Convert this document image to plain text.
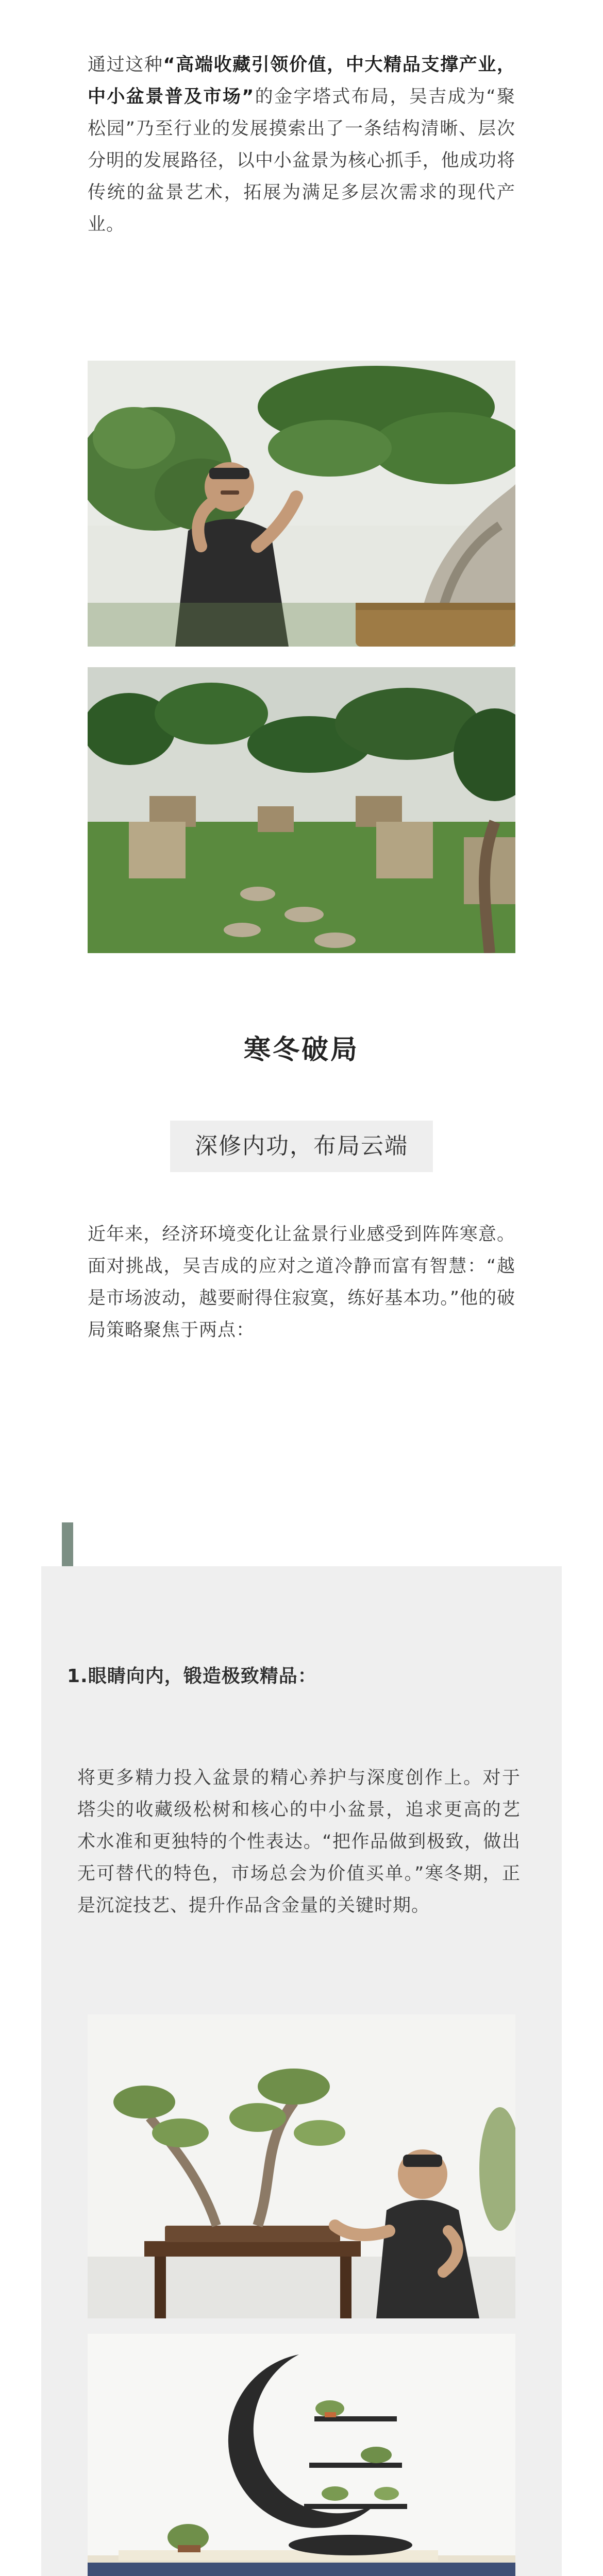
通过这种“高端收藏引领价值，中大精品支撑产业，中小盆景普及市场”的金字塔式布局，吴吉成为“聚松园”乃至行业的发展摸索出了一条结构清晰、层次分明的发展路径，以中小盆景为核心抓手，他成功将传统的盆景艺术，拓展为满足多层次需求的现代产业。

寒冬破局
深修内功，布局云端

近年来，经济环境变化让盆景行业感受到阵阵寒意。面对挑战，吴吉成的应对之道冷静而富有智慧：“越是市场波动，越要耐得住寂寞，练好基本功。”他的破局策略聚焦于两点：

1.眼睛向内，锻造极致精品：

将更多精力投入盆景的精心养护与深度创作上。对于塔尖的收藏级松树和核心的中小盆景，追求更高的艺术水准和更独特的个性表达。“把作品做到极致，做出无可替代的特色，市场总会为价值买单。”寒冬期，正是沉淀技艺、提升作品含金量的关键时期。
